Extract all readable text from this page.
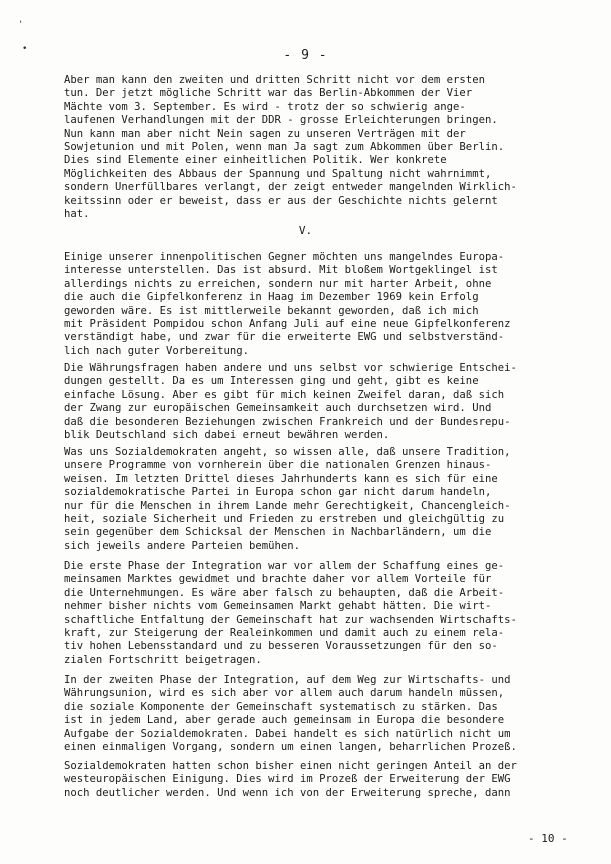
'
•	- 9 -

Aber man kann den zweiten und dritten Schritt nicht vor dem ersten
tun. Der jetzt mögliche Schritt war das Berlin-Abkommen der Vier
Mächte vom 3. September. Es wird - trotz der so schwierig ange-
laufenen Verhandlungen mit der DDR - grosse Erleichterungen bringen.
Nun kann man aber nicht Nein sagen zu unseren Verträgen mit der
Sowjetunion und mit Polen, wenn man Ja sagt zum Abkommen über Berlin.
Dies sind Elemente einer einheitlichen Politik. Wer konkrete
Möglichkeiten des Abbaus der Spannung und Spaltung nicht wahrnimmt,
sondern Unerfüllbares verlangt, der zeigt entweder mangelnden Wirklich-
keitssinn oder er beweist, dass er aus der Geschichte nichts gelernt
hat.

V.

Einige unserer innenpolitischen Gegner möchten uns mangelndes Europa-
interesse unterstellen. Das ist absurd. Mit bloßem Wortgeklingel ist
allerdings nichts zu erreichen, sondern nur mit harter Arbeit, ohne
die auch die Gipfelkonferenz in Haag im Dezember 1969 kein Erfolg
geworden wäre. Es ist mittlerweile bekannt geworden, daß ich mich
mit Präsident Pompidou schon Anfang Juli auf eine neue Gipfelkonferenz
verständigt habe, und zwar für die erweiterte EWG und selbstverständ-
lich nach guter Vorbereitung.

Die Währungsfragen haben andere und uns selbst vor schwierige Entschei-
dungen gestellt. Da es um Interessen ging und geht, gibt es keine
einfache Lösung. Aber es gibt für mich keinen Zweifel daran, daß sich
der Zwang zur europäischen Gemeinsamkeit auch durchsetzen wird. Und
daß die besonderen Beziehungen zwischen Frankreich und der Bundesrepu-
blik Deutschland sich dabei erneut bewähren werden.

Was uns Sozialdemokraten angeht, so wissen alle, daß unsere Tradition,
unsere Programme von vornherein über die nationalen Grenzen hinaus-
weisen. Im letzten Drittel dieses Jahrhunderts kann es sich für eine
sozialdemokratische Partei in Europa schon gar nicht darum handeln,
nur für die Menschen in ihrem Lande mehr Gerechtigkeit, Chancengleich-
heit, soziale Sicherheit und Frieden zu erstreben und gleichgültig zu
sein gegenüber dem Schicksal der Menschen in Nachbarländern, um die
sich jeweils andere Parteien bemühen.

Die erste Phase der Integration war vor allem der Schaffung eines ge-
meinsamen Marktes gewidmet und brachte daher vor allem Vorteile für
die Unternehmungen. Es wäre aber falsch zu behaupten, daß die Arbeit-
nehmer bisher nichts vom Gemeinsamen Markt gehabt hätten. Die wirt-
schaftliche Entfaltung der Gemeinschaft hat zur wachsenden Wirtschafts-
kraft, zur Steigerung der Realeinkommen und damit auch zu einem rela-
tiv hohen Lebensstandard und zu besseren Voraussetzungen für den so-
zialen Fortschritt beigetragen.

In der zweiten Phase der Integration, auf dem Weg zur Wirtschafts- und
Währungsunion, wird es sich aber vor allem auch darum handeln müssen,
die soziale Komponente der Gemeinschaft systematisch zu stärken. Das
ist in jedem Land, aber gerade auch gemeinsam in Europa die besondere
Aufgabe der Sozialdemokraten. Dabei handelt es sich natürlich nicht um
einen einmaligen Vorgang, sondern um einen langen, beharrlichen Prozeß.

Sozialdemokraten hatten schon bisher einen nicht geringen Anteil an der
westeuropäischen Einigung. Dies wird im Prozeß der Erweiterung der EWG
noch deutlicher werden. Und wenn ich von der Erweiterung spreche, dann

- 10 -
